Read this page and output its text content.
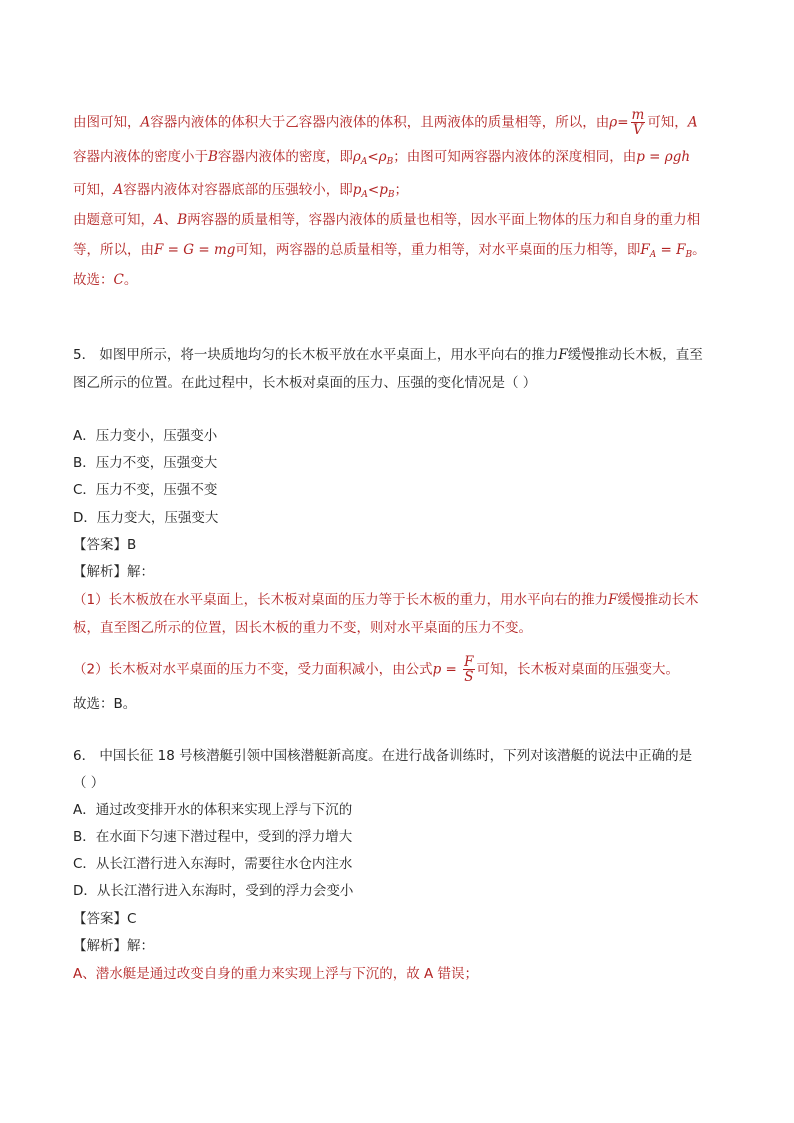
由图可知，A容器内液体的体积大于乙容器内液体的体积，且两液体的质量相等，所以，由$\rho= \frac{m}{V}$ 可知，A
容器内液体的密度小于B容器内液体的密度，即$\rho_A<\rho_B$；由图可知两容器内液体的深度相同，由p = ρgh
可知，A容器内液体对容器底部的压强较小，即$p_A<p_B$；
由题意可知，A、B两容器的质量相等，容器内液体的质量也相等，因水平面上物体的压力和自身的重力相
等，所以，由F = G = mg可知，两容器的总质量相等，重力相等，对水平桌面的压力相等，即$F_A = F_B$。
故选：C。
5． 如图甲所示，将一块质地均匀的长木板平放在水平桌面上，用水平向右的推力F缓慢推动长木板，直至
图乙所示的位置。在此过程中，长木板对桌面的压力、压强的变化情况是（ ）
A．压力变小，压强变小
B．压力不变，压强变大
C．压力不变，压强不变
D．压力变大，压强变大
【答案】B
【解析】解：
（1）长木板放在水平桌面上，长木板对桌面的压力等于长木板的重力，用水平向右的推力F缓慢推动长木
板，直至图乙所示的位置，因长木板的重力不变，则对水平桌面的压力不变。
（2）长木板对水平桌面的压力不变，受力面积减小，由公式$p = \frac{F}{S}$ 可知，长木板对桌面的压强变大。
故选：B。
6． 中国长征 18 号核潜艇引领中国核潜艇新高度。在进行战备训练时，下列对该潜艇的说法中正确的是
（ ）
A．通过改变排开水的体积来实现上浮与下沉的
B．在水面下匀速下潜过程中，受到的浮力增大
C．从长江潜行进入东海时，需要往水仓内注水
D．从长江潜行进入东海时，受到的浮力会变小
【答案】C
【解析】解：
A、潜水艇是通过改变自身的重力来实现上浮与下沉的，故 A 错误；
